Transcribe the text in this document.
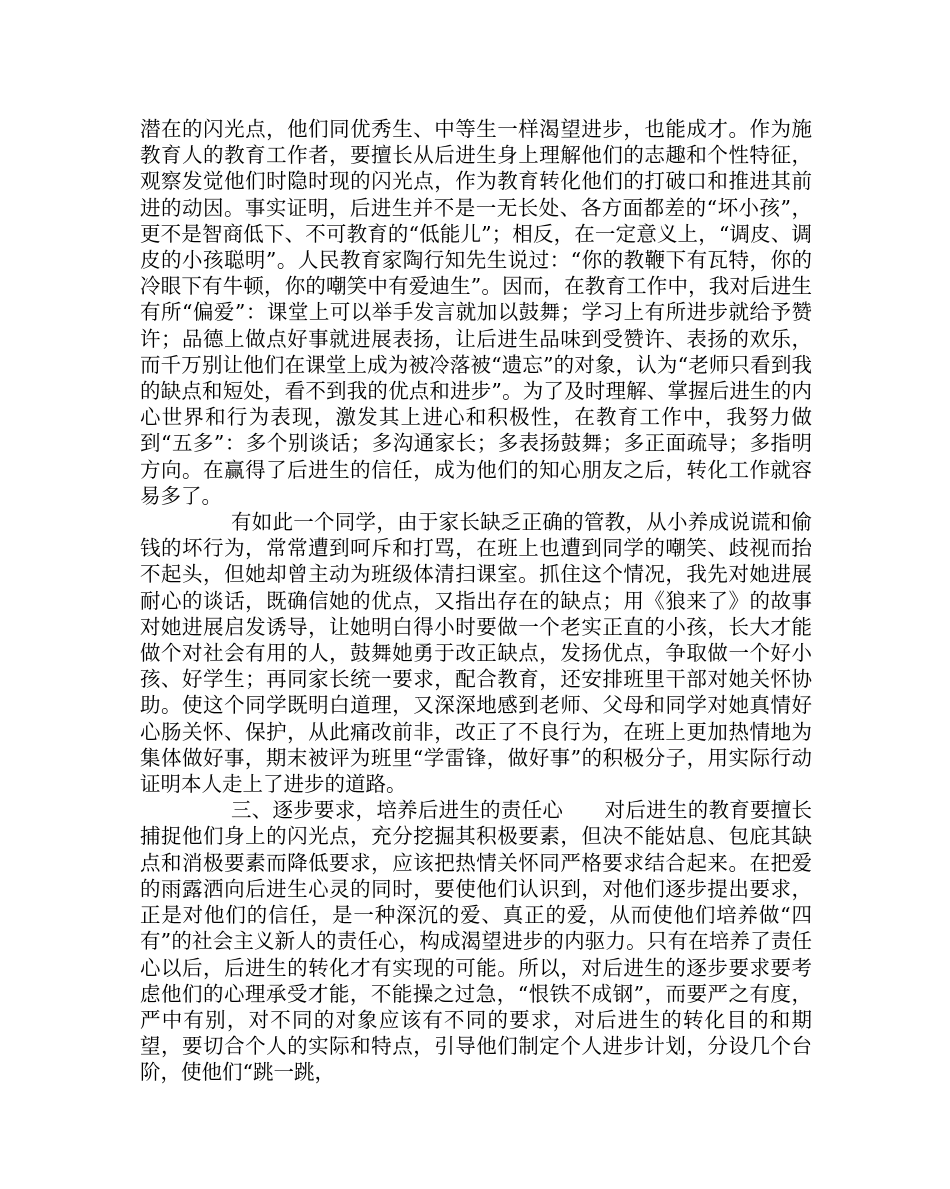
潜在的闪光点，他们同优秀生、中等生一样渴望进步，也能成才。作为施教育人的教育工作者，要擅长从后进生身上理解他们的志趣和个性特征，观察发觉他们时隐时现的闪光点，作为教育转化他们的打破口和推进其前进的动因。事实证明，后进生并不是一无长处、各方面都差的“坏小孩”，更不是智商低下、不可教育的“低能儿”；相反，在一定意义上，“调皮、调皮的小孩聪明”。人民教育家陶行知先生说过：“你的教鞭下有瓦特，你的冷眼下有牛顿，你的嘲笑中有爱迪生”。因而，在教育工作中，我对后进生有所“偏爱”：课堂上可以举手发言就加以鼓舞；学习上有所进步就给予赞许；品德上做点好事就进展表扬，让后进生品味到受赞许、表扬的欢乐，而千万别让他们在课堂上成为被冷落被“遗忘”的对象，认为“老师只看到我的缺点和短处，看不到我的优点和进步”。为了及时理解、掌握后进生的内心世界和行为表现，激发其上进心和积极性，在教育工作中，我努力做到“五多”：多个别谈话；多沟通家长；多表扬鼓舞；多正面疏导；多指明方向。在赢得了后进生的信任，成为他们的知心朋友之后，转化工作就容易多了。

有如此一个同学，由于家长缺乏正确的管教，从小养成说谎和偷钱的坏行为，常常遭到呵斥和打骂，在班上也遭到同学的嘲笑、歧视而抬不起头，但她却曾主动为班级体清扫课室。抓住这个情况，我先对她进展耐心的谈话，既确信她的优点，又指出存在的缺点；用《狼来了》的故事对她进展启发诱导，让她明白得小时要做一个老实正直的小孩，长大才能做个对社会有用的人，鼓舞她勇于改正缺点，发扬优点，争取做一个好小孩、好学生；再同家长统一要求，配合教育，还安排班里干部对她关怀协助。使这个同学既明白道理，又深深地感到老师、父母和同学对她真情好心肠关怀、保护，从此痛改前非，改正了不良行为，在班上更加热情地为集体做好事，期末被评为班里“学雷锋，做好事”的积极分子，用实际行动证明本人走上了进步的道路。

三、逐步要求，培养后进生的责任心　　对后进生的教育要擅长捕捉他们身上的闪光点，充分挖掘其积极要素，但决不能姑息、包庇其缺点和消极要素而降低要求，应该把热情关怀同严格要求结合起来。在把爱的雨露洒向后进生心灵的同时，要使他们认识到，对他们逐步提出要求，正是对他们的信任，是一种深沉的爱、真正的爱，从而使他们培养做“四有”的社会主义新人的责任心，构成渴望进步的内驱力。只有在培养了责任心以后，后进生的转化才有实现的可能。所以，对后进生的逐步要求要考虑他们的心理承受才能，不能操之过急，“恨铁不成钢”，而要严之有度，严中有别，对不同的对象应该有不同的要求，对后进生的转化目的和期望，要切合个人的实际和特点，引导他们制定个人进步计划，分设几个台阶，使他们“跳一跳，
